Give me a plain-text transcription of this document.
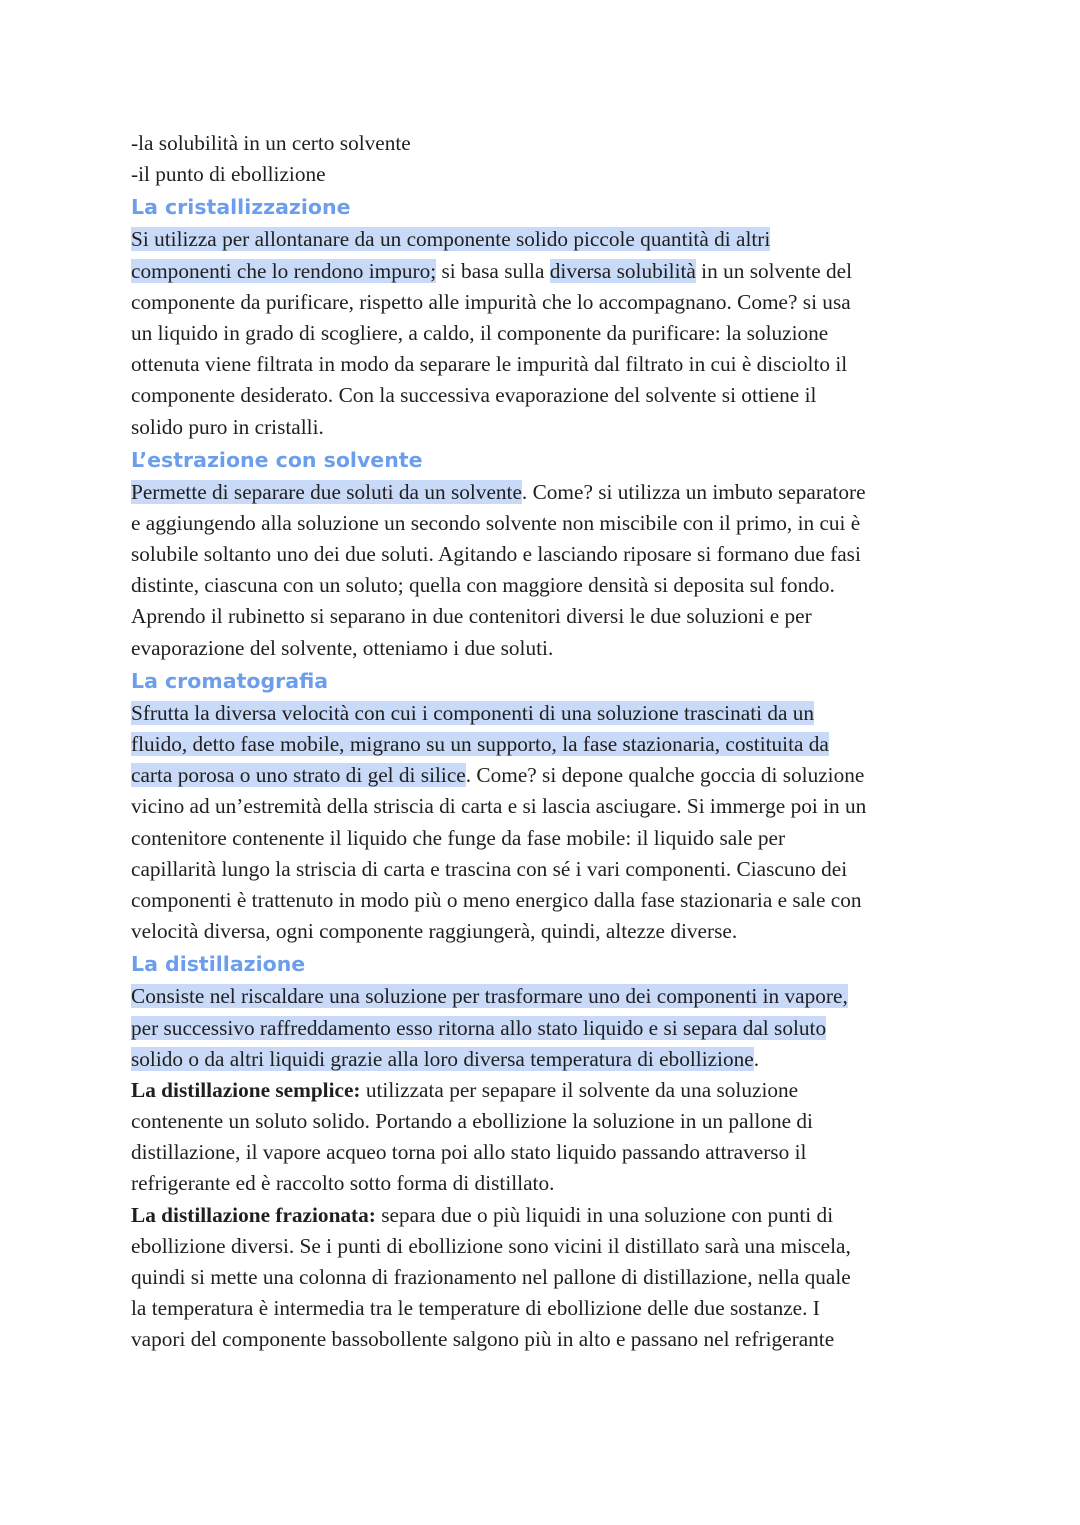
-la solubilità in un certo solvente
-il punto di ebollizione
La cristallizzazione
Si utilizza per allontanare da un componente solido piccole quantità di altri
componenti che lo rendono impuro; si basa sulla diversa solubilità in un solvente del
componente da purificare, rispetto alle impurità che lo accompagnano. Come? si usa
un liquido in grado di scogliere, a caldo, il componente da purificare: la soluzione
ottenuta viene filtrata in modo da separare le impurità dal filtrato in cui è disciolto il
componente desiderato. Con la successiva evaporazione del solvente si ottiene il
solido puro in cristalli.
L’estrazione con solvente
Permette di separare due soluti da un solvente. Come? si utilizza un imbuto separatore
e aggiungendo alla soluzione un secondo solvente non miscibile con il primo, in cui è
solubile soltanto uno dei due soluti. Agitando e lasciando riposare si formano due fasi
distinte, ciascuna con un soluto; quella con maggiore densità si deposita sul fondo.
Aprendo il rubinetto si separano in due contenitori diversi le due soluzioni e per
evaporazione del solvente, otteniamo i due soluti.
La cromatografia
Sfrutta la diversa velocità con cui i componenti di una soluzione trascinati da un
fluido, detto fase mobile, migrano su un supporto, la fase stazionaria, costituita da
carta porosa o uno strato di gel di silice. Come? si depone qualche goccia di soluzione
vicino ad un’estremità della striscia di carta e si lascia asciugare. Si immerge poi in un
contenitore contenente il liquido che funge da fase mobile: il liquido sale per
capillarità lungo la striscia di carta e trascina con sé i vari componenti. Ciascuno dei
componenti è trattenuto in modo più o meno energico dalla fase stazionaria e sale con
velocità diversa, ogni componente raggiungerà, quindi, altezze diverse.
La distillazione
Consiste nel riscaldare una soluzione per trasformare uno dei componenti in vapore,
per successivo raffreddamento esso ritorna allo stato liquido e si separa dal soluto
solido o da altri liquidi grazie alla loro diversa temperatura di ebollizione.
La distillazione semplice: utilizzata per sepapare il solvente da una soluzione
contenente un soluto solido. Portando a ebollizione la soluzione in un pallone di
distillazione, il vapore acqueo torna poi allo stato liquido passando attraverso il
refrigerante ed è raccolto sotto forma di distillato.
La distillazione frazionata: separa due o più liquidi in una soluzione con punti di
ebollizione diversi. Se i punti di ebollizione sono vicini il distillato sarà una miscela,
quindi si mette una colonna di frazionamento nel pallone di distillazione, nella quale
la temperatura è intermedia tra le temperature di ebollizione delle due sostanze. I
vapori del componente bassobollente salgono più in alto e passano nel refrigerante
